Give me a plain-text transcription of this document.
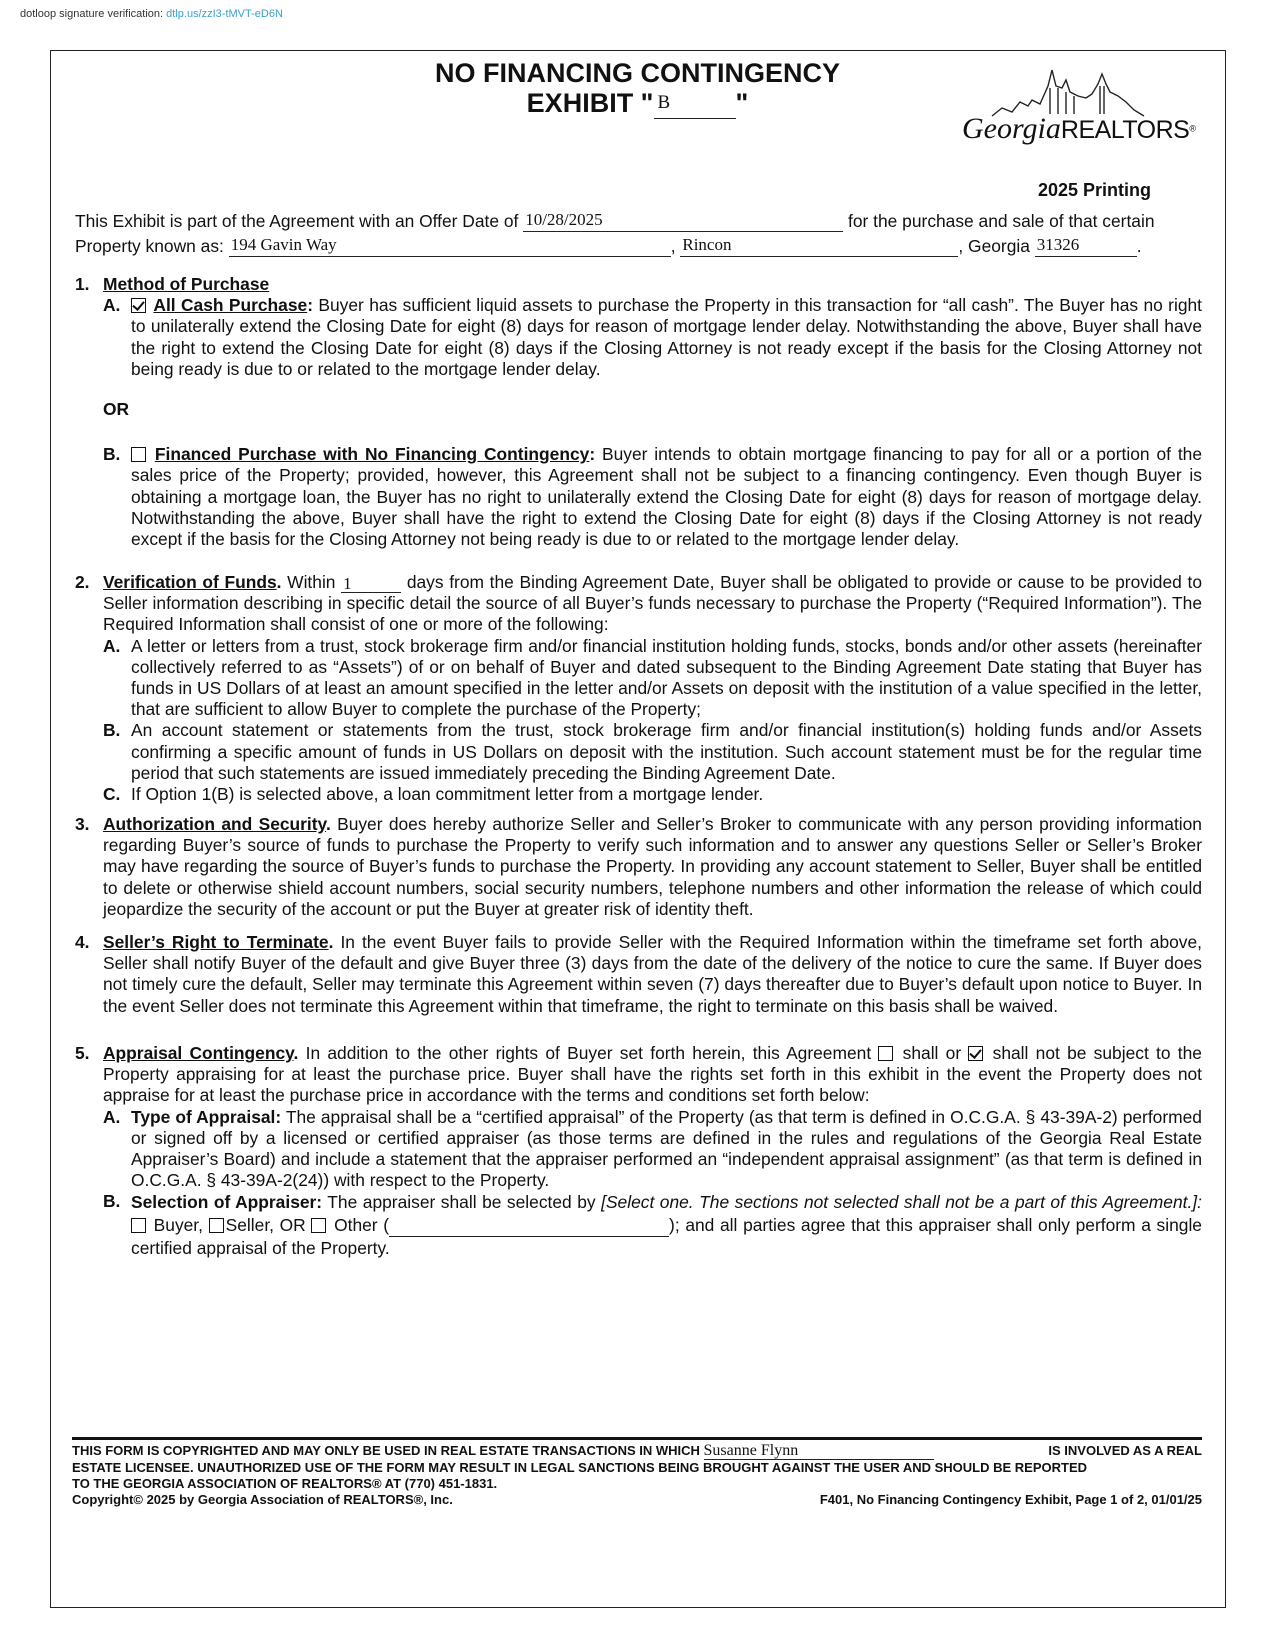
dotloop signature verification: dtlp.us/zzI3-tMVT-eD6N
NO FINANCING CONTINGENCY
EXHIBIT " B "
GeorgiaREALTORS®
2025 Printing
This Exhibit is part of the Agreement with an Offer Date of 10/28/2025	for the purchase and sale of that certain
Property known as: 194 Gavin Way	, Rincon	, Georgia 31326	.
1. Method of Purchase
A.	All Cash Purchase: Buyer has sufficient liquid assets to purchase the Property in this transaction for “all cash”. The Buyer has no right to unilaterally extend the Closing Date for eight (8) days for reason of mortgage lender delay. Notwithstanding the above, Buyer shall have the right to extend the Closing Date for eight (8) days if the Closing Attorney is not ready except if the basis for the Closing Attorney not being ready is due to or related to the mortgage lender delay.
OR
B.	Financed Purchase with No Financing Contingency: Buyer intends to obtain mortgage financing to pay for all or a portion of the sales price of the Property; provided, however, this Agreement shall not be subject to a financing contingency. Even though Buyer is obtaining a mortgage loan, the Buyer has no right to unilaterally extend the Closing Date for eight (8) days for reason of mortgage delay. Notwithstanding the above, Buyer shall have the right to extend the Closing Date for eight (8) days if the Closing Attorney is not ready except if the basis for the Closing Attorney not being ready is due to or related to the mortgage lender delay.
2. Verification of Funds. Within 1	days from the Binding Agreement Date, Buyer shall be obligated to provide or cause to be provided to Seller information describing in specific detail the source of all Buyer’s funds necessary to purchase the Property (“Required Information”). The Required Information shall consist of one or more of the following:
A. A letter or letters from a trust, stock brokerage firm and/or financial institution holding funds, stocks, bonds and/or other assets (hereinafter collectively referred to as “Assets”) of or on behalf of Buyer and dated subsequent to the Binding Agreement Date stating that Buyer has funds in US Dollars of at least an amount specified in the letter and/or Assets on deposit with the institution of a value specified in the letter, that are sufficient to allow Buyer to complete the purchase of the Property;
B. An account statement or statements from the trust, stock brokerage firm and/or financial institution(s) holding funds and/or Assets confirming a specific amount of funds in US Dollars on deposit with the institution. Such account statement must be for the regular time period that such statements are issued immediately preceding the Binding Agreement Date.
C. If Option 1(B) is selected above, a loan commitment letter from a mortgage lender.
3. Authorization and Security. Buyer does hereby authorize Seller and Seller’s Broker to communicate with any person providing information regarding Buyer’s source of funds to purchase the Property to verify such information and to answer any questions Seller or Seller’s Broker may have regarding the source of Buyer’s funds to purchase the Property. In providing any account statement to Seller, Buyer shall be entitled to delete or otherwise shield account numbers, social security numbers, telephone numbers and other information the release of which could jeopardize the security of the account or put the Buyer at greater risk of identity theft.
4. Seller’s Right to Terminate. In the event Buyer fails to provide Seller with the Required Information within the timeframe set forth above, Seller shall notify Buyer of the default and give Buyer three (3) days from the date of the delivery of the notice to cure the same. If Buyer does not timely cure the default, Seller may terminate this Agreement within seven (7) days thereafter due to Buyer’s default upon notice to Buyer. In the event Seller does not terminate this Agreement within that timeframe, the right to terminate on this basis shall be waived.
5. Appraisal Contingency. In addition to the other rights of Buyer set forth herein, this Agreement shall or shall not be subject to the Property appraising for at least the purchase price. Buyer shall have the rights set forth in this exhibit in the event the Property does not appraise for at least the purchase price in accordance with the terms and conditions set forth below:
A. Type of Appraisal: The appraisal shall be a “certified appraisal” of the Property (as that term is defined in O.C.G.A. § 43-39A-2) performed or signed off by a licensed or certified appraiser (as those terms are defined in the rules and regulations of the Georgia Real Estate Appraiser’s Board) and include a statement that the appraiser performed an “independent appraisal assignment” (as that term is defined in O.C.G.A. § 43-39A-2(24)) with respect to the Property.
B. Selection of Appraiser: The appraiser shall be selected by [Select one. The sections not selected shall not be a part of this Agreement.]:  Buyer, Seller, OR Other (	); and all parties agree that this appraiser shall only perform a single certified appraisal of the Property.
THIS FORM IS COPYRIGHTED AND MAY ONLY BE USED IN REAL ESTATE TRANSACTIONS IN WHICH Susanne Flynn	IS INVOLVED AS A REAL
ESTATE LICENSEE. UNAUTHORIZED USE OF THE FORM MAY RESULT IN LEGAL SANCTIONS BEING BROUGHT AGAINST THE USER AND SHOULD BE REPORTED
TO THE GEORGIA ASSOCIATION OF REALTORS® AT (770) 451-1831.
Copyright© 2025 by Georgia Association of REALTORS®, Inc.	F401, No Financing Contingency Exhibit, Page 1 of 2, 01/01/25
